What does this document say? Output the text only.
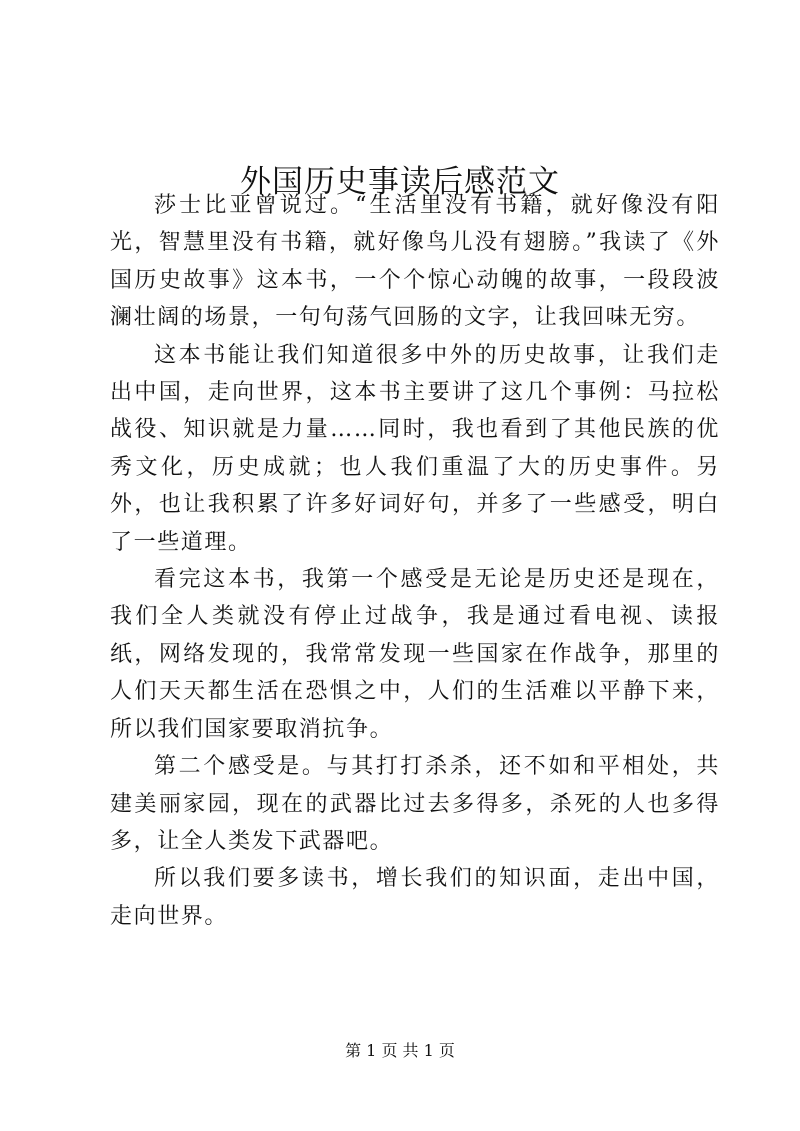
外国历史事读后感范文

莎士比亚曾说过。“生活里没有书籍，就好像没有阳光，智慧里没有书籍，就好像鸟儿没有翅膀。”我读了《外国历史故事》这本书，一个个惊心动魄的故事，一段段波澜壮阔的场景，一句句荡气回肠的文字，让我回味无穷。

这本书能让我们知道很多中外的历史故事，让我们走出中国，走向世界，这本书主要讲了这几个事例：马拉松战役、知识就是力量……同时，我也看到了其他民族的优秀文化，历史成就；也人我们重温了大的历史事件。另外，也让我积累了许多好词好句，并多了一些感受，明白了一些道理。

看完这本书，我第一个感受是无论是历史还是现在，我们全人类就没有停止过战争，我是通过看电视、读报纸，网络发现的，我常常发现一些国家在作战争，那里的人们天天都生活在恐惧之中，人们的生活难以平静下来，所以我们国家要取消抗争。

第二个感受是。与其打打杀杀，还不如和平相处，共建美丽家园，现在的武器比过去多得多，杀死的人也多得多，让全人类发下武器吧。

所以我们要多读书，增长我们的知识面，走出中国，走向世界。

第 1 页 共 1 页
